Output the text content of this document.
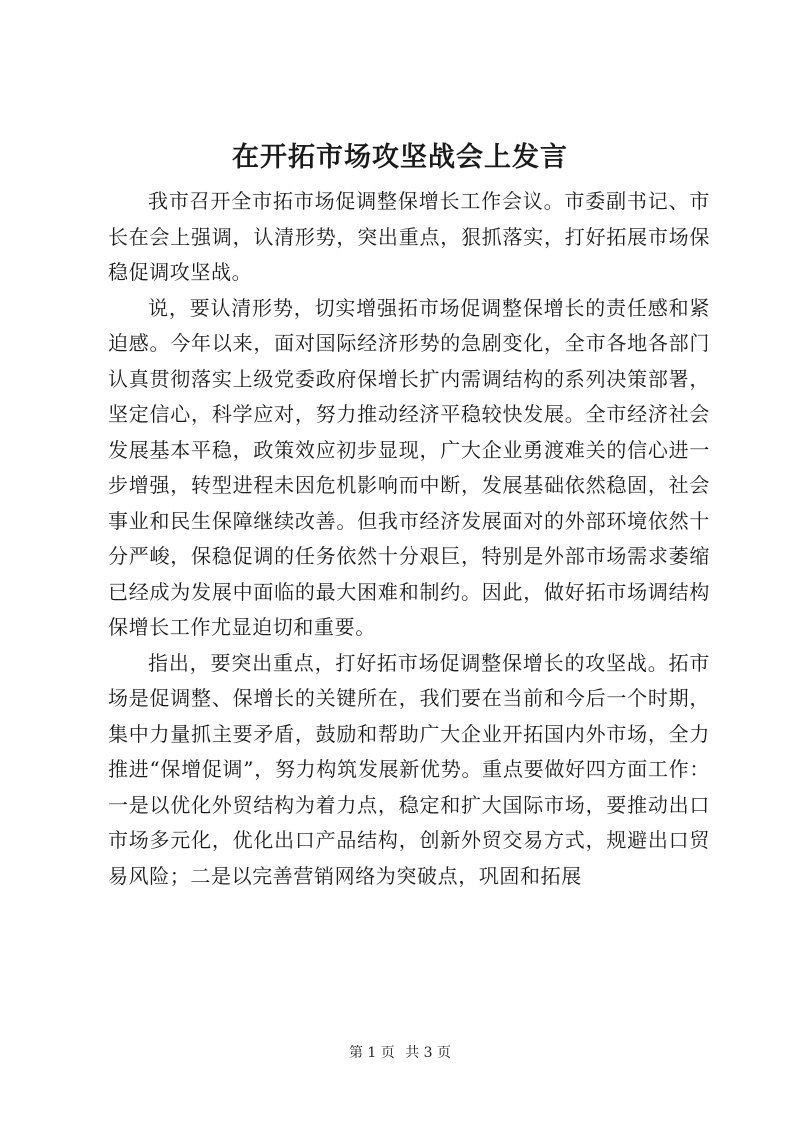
在开拓市场攻坚战会上发言

我市召开全市拓市场促调整保增长工作会议。市委副书记、市长在会上强调，认清形势，突出重点，狠抓落实，打好拓展市场保稳促调攻坚战。

说，要认清形势，切实增强拓市场促调整保增长的责任感和紧迫感。今年以来，面对国际经济形势的急剧变化，全市各地各部门认真贯彻落实上级党委政府保增长扩内需调结构的系列决策部署，坚定信心，科学应对，努力推动经济平稳较快发展。全市经济社会发展基本平稳，政策效应初步显现，广大企业勇渡难关的信心进一步增强，转型进程未因危机影响而中断，发展基础依然稳固，社会事业和民生保障继续改善。但我市经济发展面对的外部环境依然十分严峻，保稳促调的任务依然十分艰巨，特别是外部市场需求萎缩已经成为发展中面临的最大困难和制约。因此，做好拓市场调结构保增长工作尤显迫切和重要。

指出，要突出重点，打好拓市场促调整保增长的攻坚战。拓市场是促调整、保增长的关键所在，我们要在当前和今后一个时期，集中力量抓主要矛盾，鼓励和帮助广大企业开拓国内外市场，全力推进“保增促调”，努力构筑发展新优势。重点要做好四方面工作：一是以优化外贸结构为着力点，稳定和扩大国际市场，要推动出口市场多元化，优化出口产品结构，创新外贸交易方式，规避出口贸易风险；二是以完善营销网络为突破点，巩固和拓展

第 1 页 共 3 页
